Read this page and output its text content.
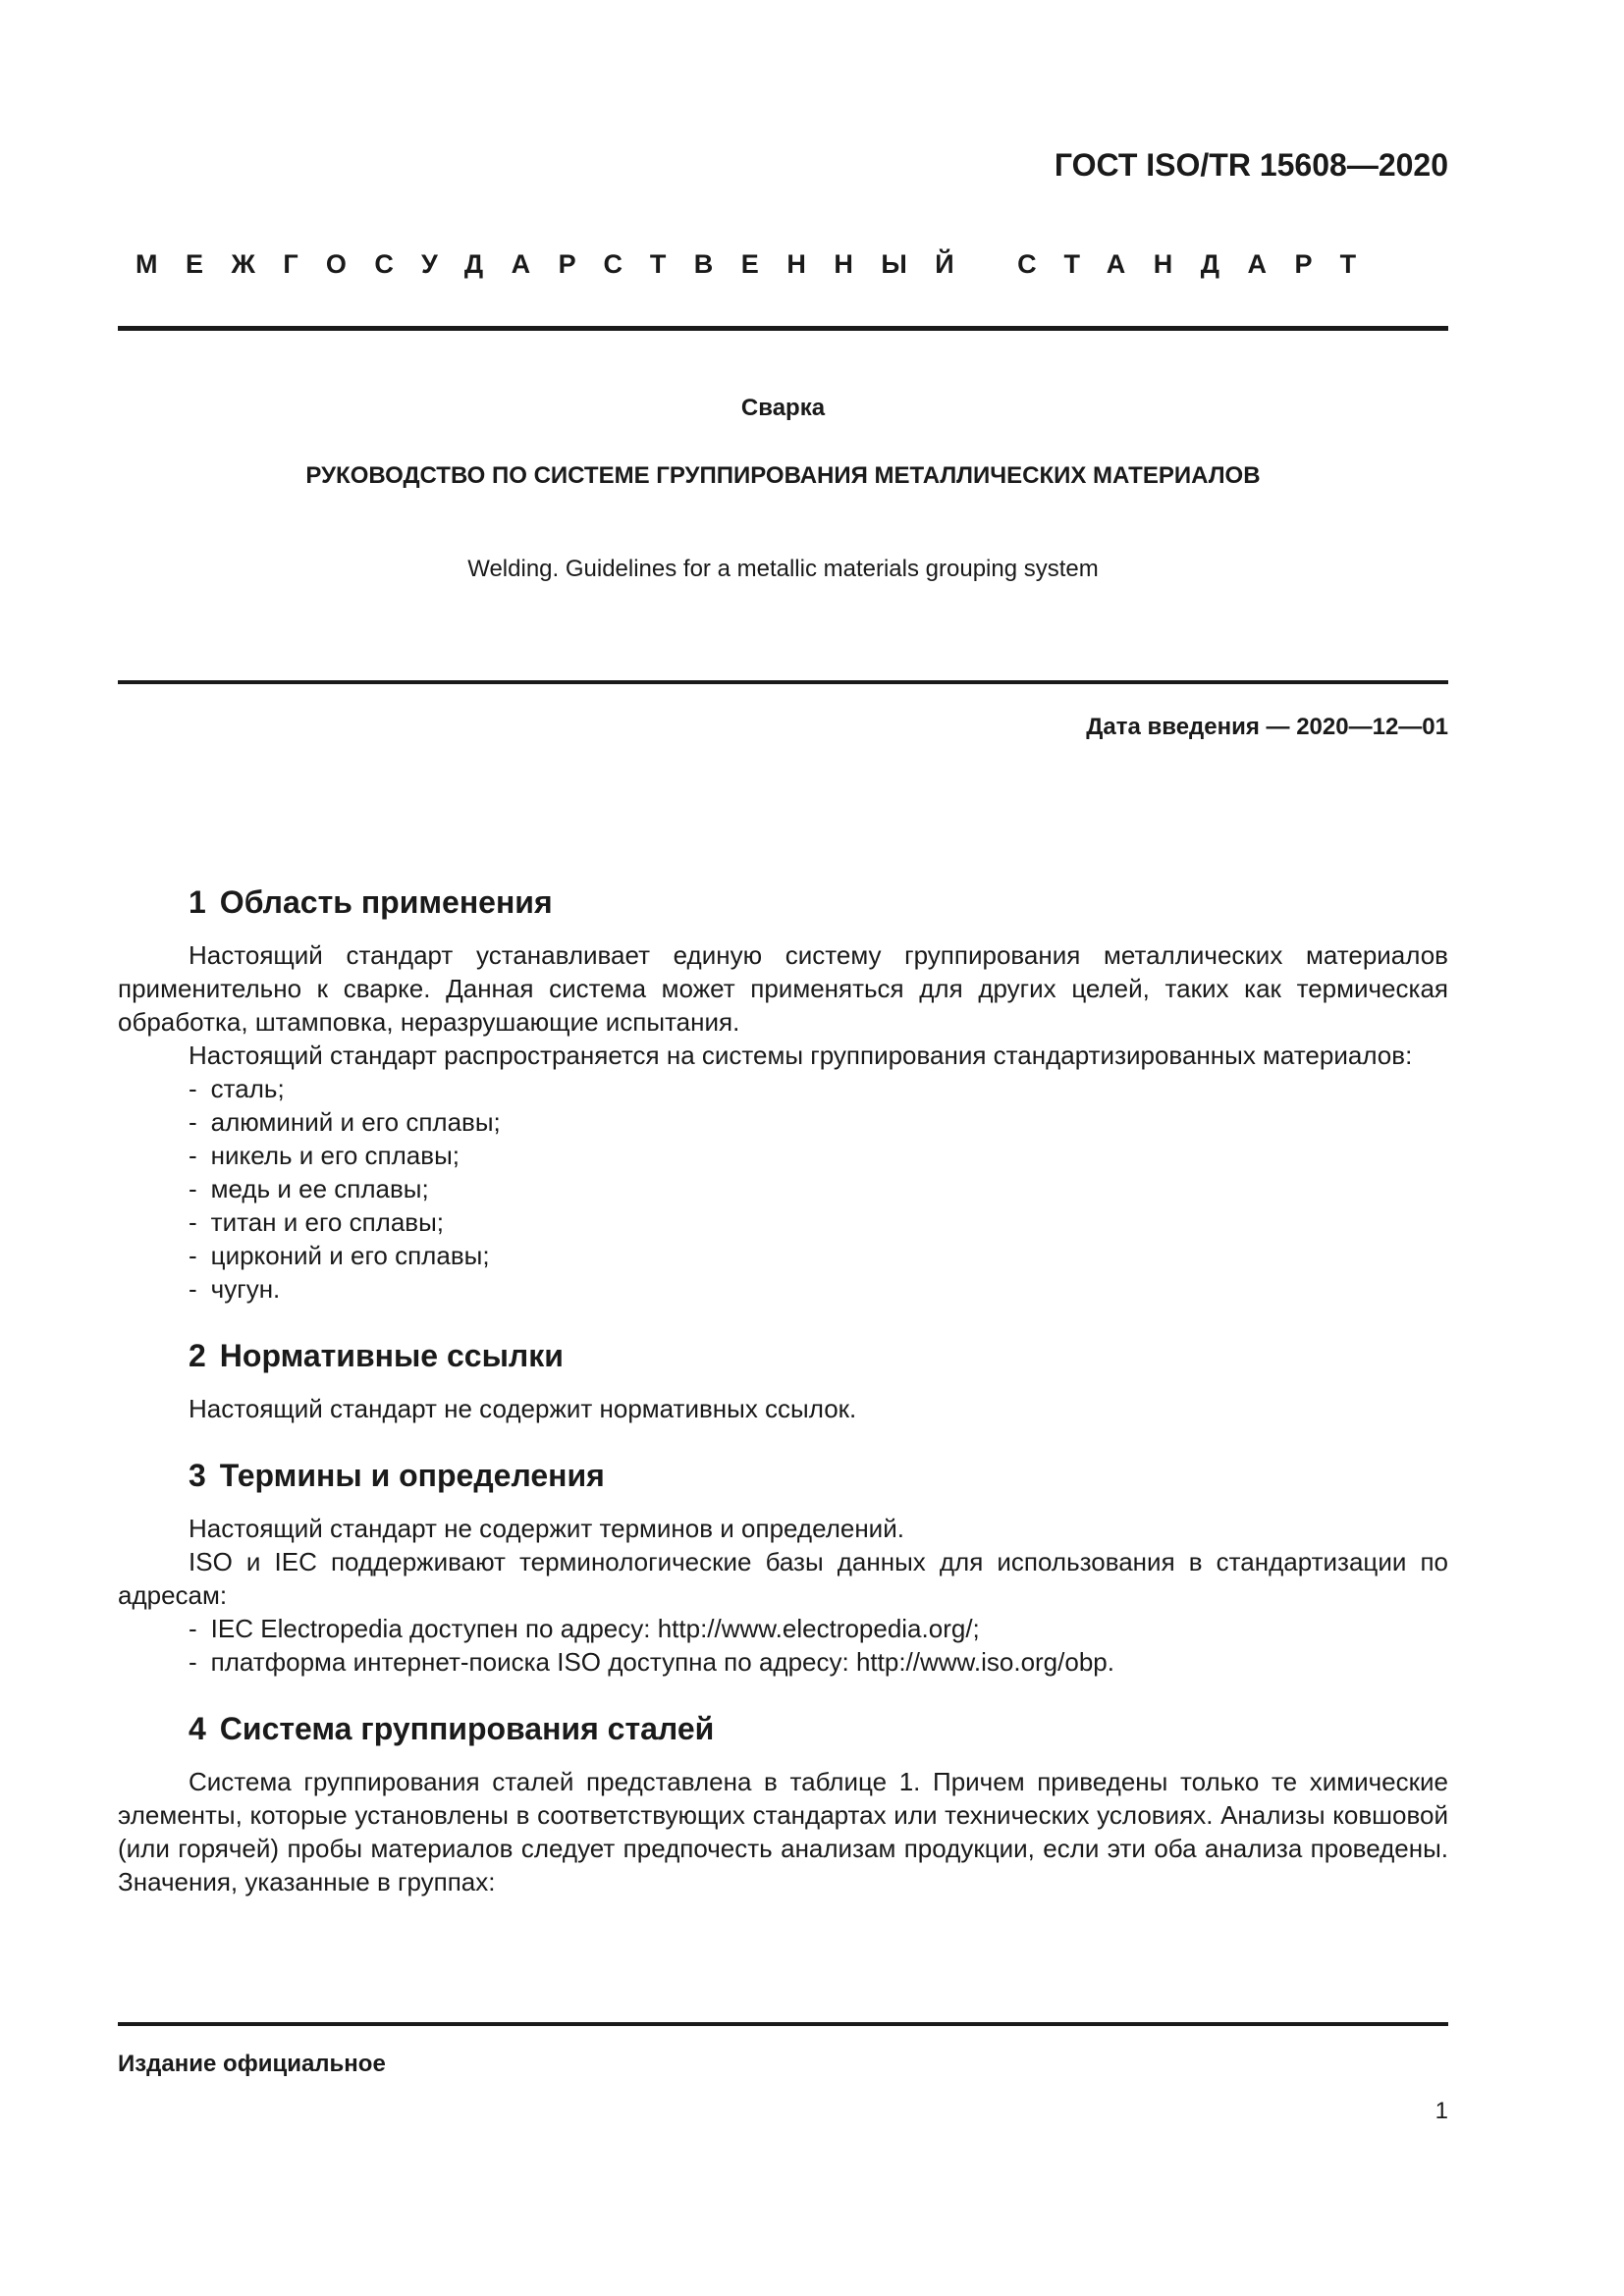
ГОСТ ISO/TR 15608—2020
МЕЖГОСУДАРСТВЕННЫЙ СТАНДАРТ
Сварка
РУКОВОДСТВО ПО СИСТЕМЕ ГРУППИРОВАНИЯ МЕТАЛЛИЧЕСКИХ МАТЕРИАЛОВ
Welding. Guidelines for a metallic materials grouping system
Дата введения — 2020—12—01
1 Область применения

Настоящий стандарт устанавливает единую систему группирования металлических материалов применительно к сварке. Данная система может применяться для других целей, таких как термическая обработка, штамповка, неразрушающие испытания.

Настоящий стандарт распространяется на системы группирования стандартизированных материалов:

- сталь;
- алюминий и его сплавы;
- никель и его сплавы;
- медь и ее сплавы;
- титан и его сплавы;
- цирконий и его сплавы;
- чугун.
2 Нормативные ссылки

Настоящий стандарт не содержит нормативных ссылок.

3 Термины и определения

Настоящий стандарт не содержит терминов и определений.

ISO и IEC поддерживают терминологические базы данных для использования в стандартизации по адресам:

- IEC Electropedia доступен по адресу: http://www.electropedia.org/;
- платформа интернет-поиска ISO доступна по адресу: http://www.iso.org/obp.
4 Система группирования сталей

Система группирования сталей представлена в таблице 1. Причем приведены только те химические элементы, которые установлены в соответствующих стандартах или технических условиях. Анализы ковшовой (или горячей) пробы материалов следует предпочесть анализам продукции, если эти оба анализа проведены. Значения, указанные в группах:

Издание официальное
1
